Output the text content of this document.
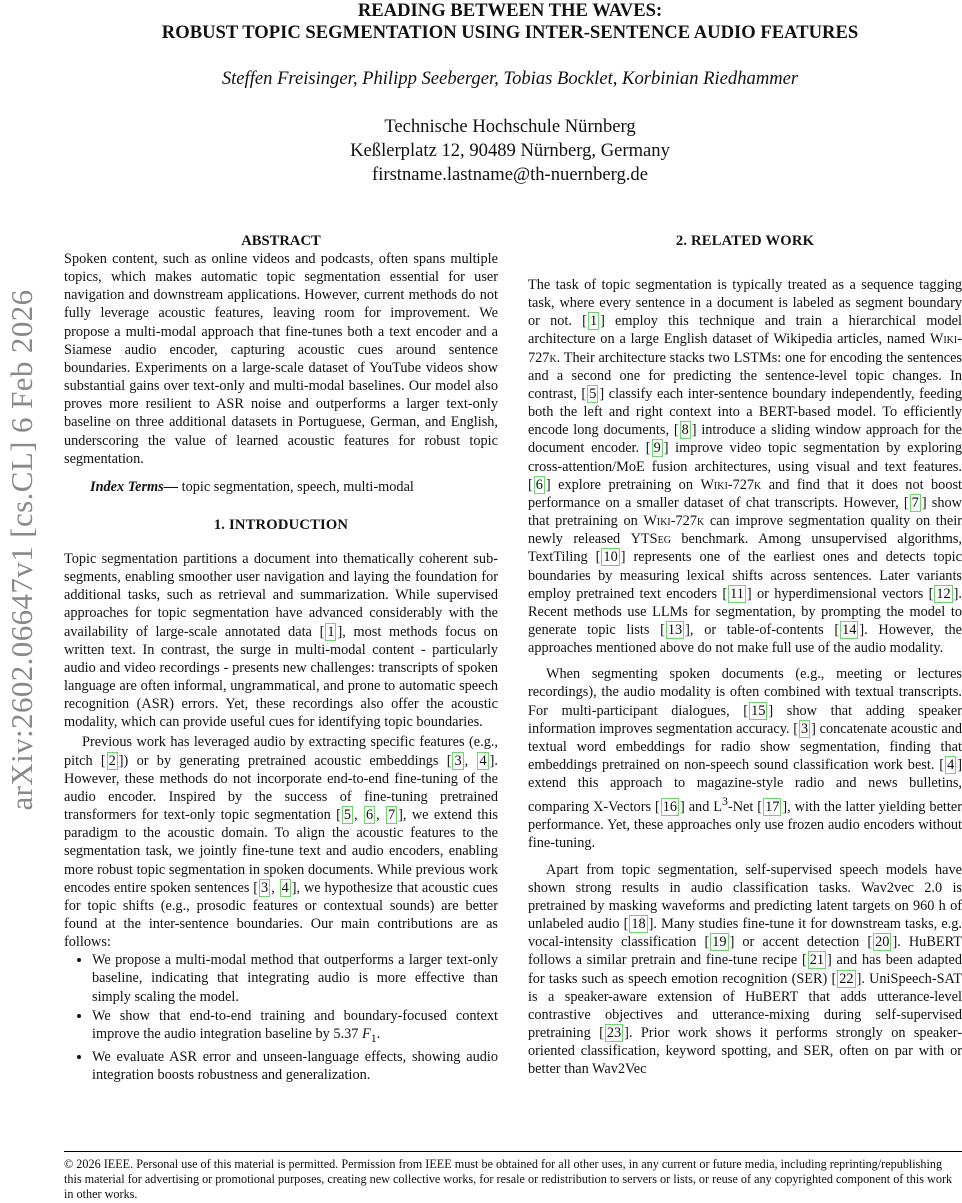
arXiv:2602.06647v1 [cs.CL] 6 Feb 2026
READING BETWEEN THE WAVES:
ROBUST TOPIC SEGMENTATION USING INTER-SENTENCE AUDIO FEATURES
Steffen Freisinger, Philipp Seeberger, Tobias Bocklet, Korbinian Riedhammer
Technische Hochschule Nürnberg
Keßlerplatz 12, 90489 Nürnberg, Germany
firstname.lastname@th-nuernberg.de
ABSTRACT

Spoken content, such as online videos and podcasts, often spans multiple topics, which makes automatic topic segmentation essential for user navigation and downstream applications. However, current methods do not fully leverage acoustic features, leaving room for improvement. We propose a multi-modal approach that fine-tunes both a text encoder and a Siamese audio encoder, capturing acoustic cues around sentence boundaries. Experiments on a large-scale dataset of YouTube videos show substantial gains over text-only and multi-modal baselines. Our model also proves more resilient to ASR noise and outperforms a larger text-only baseline on three additional datasets in Portuguese, German, and English, underscoring the value of learned acoustic features for robust topic segmentation.

Index Terms— topic segmentation, speech, multi-modal
1. INTRODUCTION

Topic segmentation partitions a document into thematically coherent sub-segments, enabling smoother user navigation and laying the foundation for additional tasks, such as retrieval and summarization. While supervised approaches for topic segmentation have advanced considerably with the availability of large-scale annotated data [ 1 ], most methods focus on written text. In contrast, the surge in multi-modal content - particularly audio and video recordings - presents new challenges: transcripts of spoken language are often informal, ungrammatical, and prone to automatic speech recognition (ASR) errors. Yet, these recordings also offer the acoustic modality, which can provide useful cues for identifying topic boundaries.

Previous work has leveraged audio by extracting specific features (e.g., pitch [ 2 ]) or by generating pretrained acoustic embeddings [ 3 , 4 ]. However, these methods do not incorporate end-to-end fine-tuning of the audio encoder. Inspired by the success of fine-tuning pretrained transformers for text-only topic segmentation [ 5 , 6 , 7 ], we extend this paradigm to the acoustic domain. To align the acoustic features to the segmentation task, we jointly fine-tune text and audio encoders, enabling more robust topic segmentation in spoken documents. While previous work encodes entire spoken sentences [ 3 , 4 ], we hypothesize that acoustic cues for topic shifts (e.g., prosodic features or contextual sounds) are better found at the inter-sentence boundaries. Our main contributions are as follows:

• We propose a multi-modal method that outperforms a larger text-only baseline, indicating that integrating audio is more effective than simply scaling the model.
• We show that end-to-end training and boundary-focused context improve the audio integration baseline by 5.37 $F_1$.
• We evaluate ASR error and unseen-language effects, showing audio integration boosts robustness and generalization.
2. RELATED WORK

The task of topic segmentation is typically treated as a sequence tagging task, where every sentence in a document is labeled as segment boundary or not. [ 1 ] employ this technique and train a hierarchical model architecture on a large English dataset of Wikipedia articles, named Wiki-727k. Their architecture stacks two LSTMs: one for encoding the sentences and a second one for predicting the sentence-level topic changes. In contrast, [ 5 ] classify each inter-sentence boundary independently, feeding both the left and right context into a BERT-based model. To efficiently encode long documents, [ 8 ] introduce a sliding window approach for the document encoder. [ 9 ] improve video topic segmentation by exploring cross-attention/MoE fusion architectures, using visual and text features. [ 6 ] explore pretraining on Wiki-727k and find that it does not boost performance on a smaller dataset of chat transcripts. However, [ 7 ] show that pretraining on Wiki-727k can improve segmentation quality on their newly released YTSeg benchmark. Among unsupervised algorithms, TextTiling [ 10 ] represents one of the earliest ones and detects topic boundaries by measuring lexical shifts across sentences. Later variants employ pretrained text encoders [ 11 ] or hyperdimensional vectors [ 12 ]. Recent methods use LLMs for segmentation, by prompting the model to generate topic lists [ 13 ], or table-of-contents [ 14 ]. However, the approaches mentioned above do not make full use of the audio modality.

When segmenting spoken documents (e.g., meeting or lectures recordings), the audio modality is often combined with textual transcripts. For multi-participant dialogues, [ 15 ] show that adding speaker information improves segmentation accuracy. [ 3 ] concatenate acoustic and textual word embeddings for radio show segmentation, finding that embeddings pretrained on non-speech sound classification work best. [ 4 ] extend this approach to magazine-style radio and news bulletins, comparing X-Vectors [ 16 ] and $L^3$-Net [ 17 ], with the latter yielding better performance. Yet, these approaches only use frozen audio encoders without fine-tuning.

Apart from topic segmentation, self-supervised speech models have shown strong results in audio classification tasks. Wav2vec 2.0 is pretrained by masking waveforms and predicting latent targets on 960 h of unlabeled audio [ 18 ]. Many studies fine-tune it for downstream tasks, e.g. vocal-intensity classification [ 19 ] or accent detection [ 20 ]. HuBERT follows a similar pretrain and fine-tune recipe [ 21 ] and has been adapted for tasks such as speech emotion recognition (SER) [ 22 ]. UniSpeech-SAT is a speaker-aware extension of HuBERT that adds utterance-level contrastive objectives and utterance-mixing during self-supervised pretraining [ 23 ]. Prior work shows it performs strongly on speaker-oriented classification, keyword spotting, and SER, often on par with or better than Wav2Vec

© 2026 IEEE. Personal use of this material is permitted. Permission from IEEE must be obtained for all other uses, in any current or future media, including reprinting/republishing this material for advertising or promotional purposes, creating new collective works, for resale or redistribution to servers or lists, or reuse of any copyrighted component of this work in other works.
